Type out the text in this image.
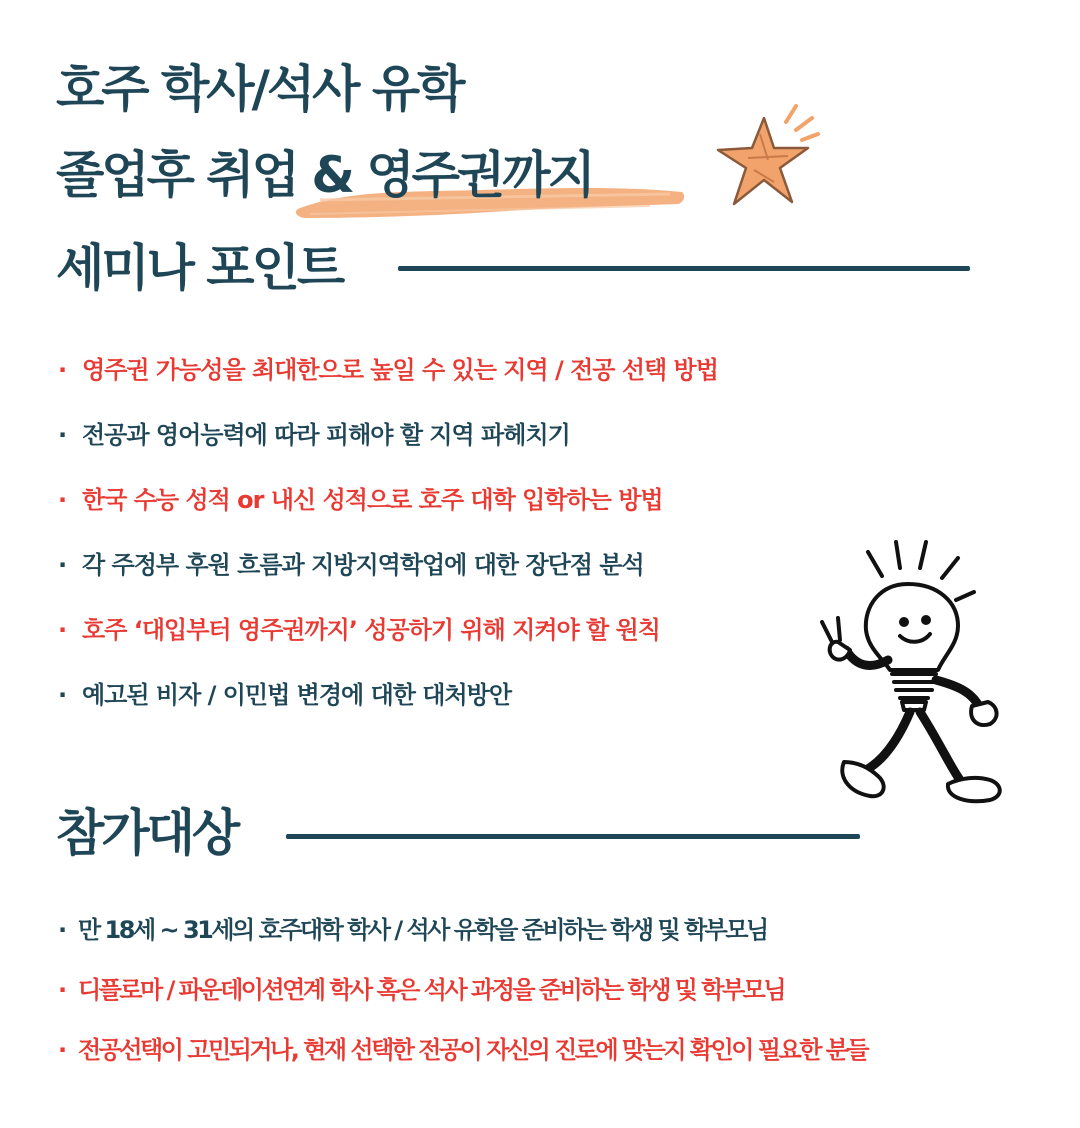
호주 학사/석사 유학
졸업후 취업 & 영주권까지
세미나 포인트
· 영주권 가능성을 최대한으로 높일 수 있는 지역 / 전공 선택 방법
· 전공과 영어능력에 따라 피해야 할 지역 파헤치기
· 한국 수능 성적 or 내신 성적으로 호주 대학 입학하는 방법
· 각 주정부 후원 흐름과 지방지역학업에 대한 장단점 분석
· 호주 ‘대입부터 영주권까지’ 성공하기 위해 지켜야 할 원칙
· 예고된 비자 / 이민법 변경에 대한 대처방안
참가대상
· 만 18세 ~ 31세의 호주대학 학사 / 석사 유학을 준비하는 학생 및 학부모님
· 디플로마 / 파운데이션연계 학사 혹은 석사 과정을 준비하는 학생 및 학부모님
· 전공선택이 고민되거나, 현재 선택한 전공이 자신의 진로에 맞는지 확인이 필요한 분들
